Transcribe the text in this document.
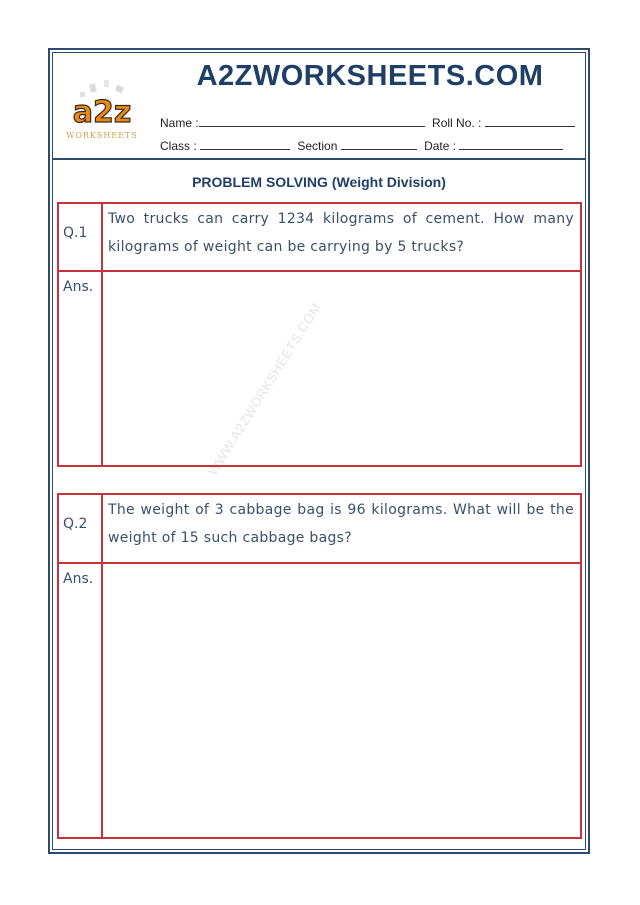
a2z
WORKSHEETS
A2ZWORKSHEETS.COM
Name :	Roll No. :
Class :	Section	Date :
PROBLEM SOLVING (Weight Division)
WWW.A2ZWORKSHEETS.COM
Q.1
Two trucks can carry 1234 kilograms of cement. How many kilograms of weight can be carrying by 5 trucks?
Ans.
Q.2
The weight of 3 cabbage bag is 96 kilograms. What will be the weight of 15 such cabbage bags?
Ans.
